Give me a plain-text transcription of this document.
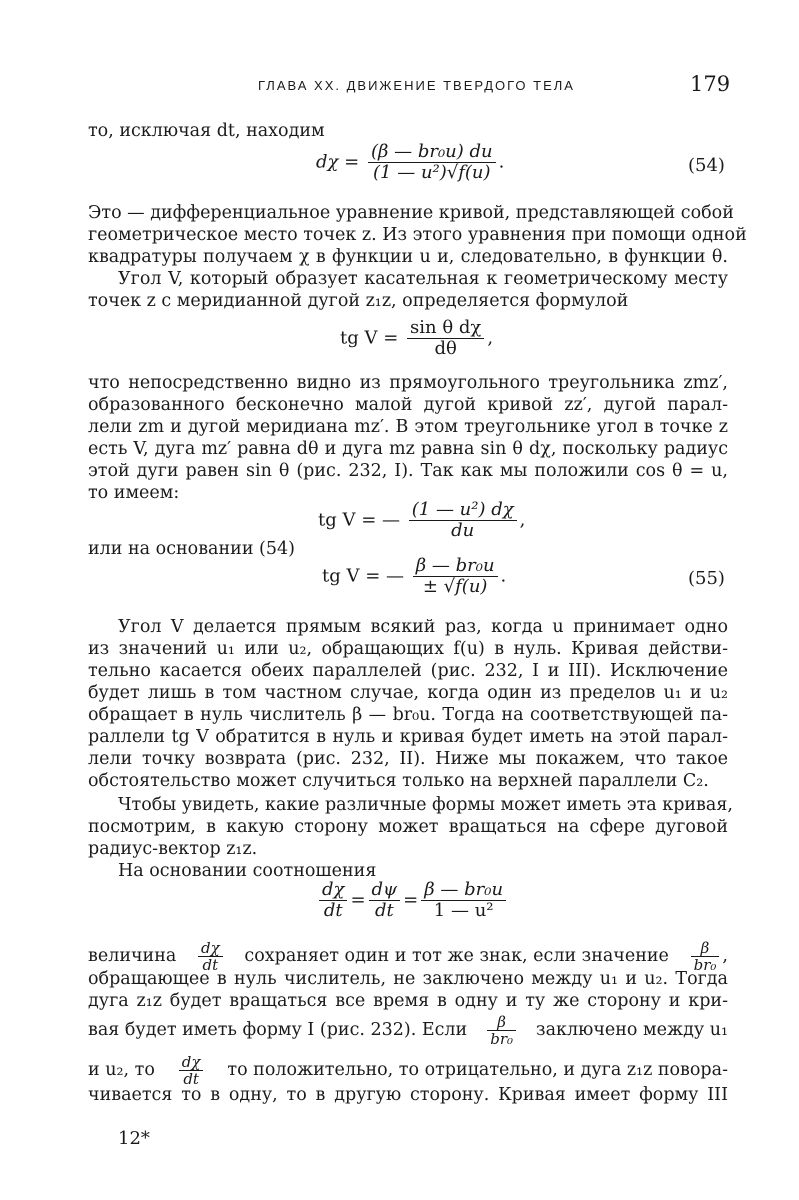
ГЛАВА XX. ДВИЖЕНИЕ ТВЕРДОГО ТЕЛА	179
то, исключая dt, находим
$d\chi = \frac{\text{(β — br₀u) du}}{\text{(1 — u²)√f(u)}}$ .	(54)
Это — дифференциальное уравнение кривой, представляющей собой
геометрическое место точек z. Из этого уравнения при помощи одной
квадратуры получаем χ в функции u и, следовательно, в функции θ.
Угол V, который образует касательная к геометрическому месту
точек z с меридианной дугой z₁z, определяется формулой
tg $V = \frac{\text{sin θ dχ}}{d\theta}$ ,
что непосредственно видно из прямоугольного треугольника zmz′,
образованного бесконечно малой дугой кривой zz′, дугой парал-
лели zm и дугой меридиана mz′. В этом треугольнике угол в точке z
есть V, дуга mz′ равна dθ и дуга mz равна sin θ dχ, поскольку радиус
этой дуги равен sin θ (рис. 232, I). Так как мы положили cos θ = u,
то имеем:
tg V = — $\frac{\text{(1 — u²) dχ}}{du}$ ,
или на основании (54)
tg V = — $\frac{\text{β — br₀u}}{\pm √f(u)}$ .	(55)
Угол V делается прямым всякий раз, когда u принимает одно
из значений u₁ или u₂, обращающих f(u) в нуль. Кривая действи-
тельно касается обеих параллелей (рис. 232, I и III). Исключение
будет лишь в том частном случае, когда один из пределов u₁ и u₂
обращает в нуль числитель β — br₀u. Тогда на соответствующей па-
раллели tg V обратится в нуль и кривая будет иметь на этой парал-
лели точку возврата (рис. 232, II). Ниже мы покажем, что такое
обстоятельство может случиться только на верхней параллели C₂.
Чтобы увидеть, какие различные формы может иметь эта кривая,
посмотрим, в какую сторону может вращаться на сфере дуговой
радиус-вектор z₁z.
На основании соотношения
$\frac{d\chi}{dt} = \frac{d\psi}{dt} = \frac{\text{β — br₀u}}{\text{1 — u²}}$
величина $\frac{d\chi}{dt}$ сохраняет один и тот же знак, если значение $\frac{\beta}{\text{br₀}}$ ,
обращающее в нуль числитель, не заключено между u₁ и u₂. Тогда
дуга z₁z будет вращаться все время в одну и ту же сторону и кри-
вая будет иметь форму I (рис. 232). Если $\frac{\beta}{\text{br₀}}$ заключено между u₁
и u₂, то $\frac{d\chi}{dt}$ то положительно, то отрицательно, и дуга z₁z повора-
чивается то в одну, то в другую сторону. Кривая имеет форму III
12*
